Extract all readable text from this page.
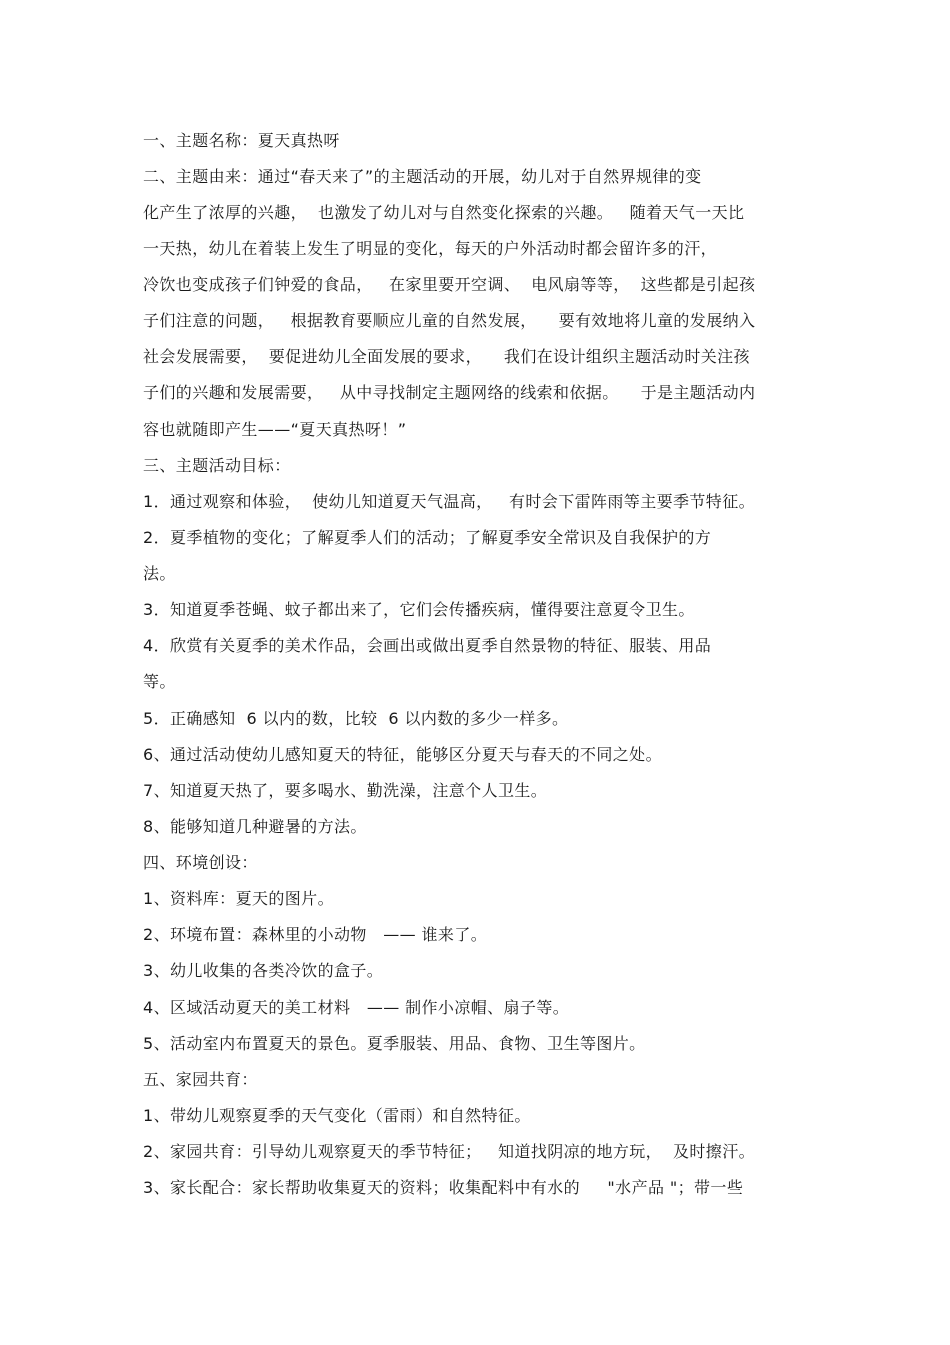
一、主题名称：夏天真热呀
二、主题由来：通过“春天来了”的主题活动的开展，幼儿对于自然界规律的变
化产生了浓厚的兴趣，  也激发了幼儿对与自然变化探索的兴趣。   随着天气一天比
一天热，幼儿在着装上发生了明显的变化，每天的户外活动时都会留许多的汗，
冷饮也变成孩子们钟爱的食品，   在家里要开空调、  电风扇等等，  这些都是引起孩
子们注意的问题，   根据教育要顺应儿童的自然发展，    要有效地将儿童的发展纳入
社会发展需要，  要促进幼儿全面发展的要求，    我们在设计组织主题活动时关注孩
子们的兴趣和发展需要，   从中寻找制定主题网络的线索和依据。    于是主题活动内
容也就随即产生——“夏天真热呀！”
三、主题活动目标：
1．通过观察和体验，  使幼儿知道夏天气温高，   有时会下雷阵雨等主要季节特征。
2．夏季植物的变化；了解夏季人们的活动；了解夏季安全常识及自我保护的方
法。
3．知道夏季苍蝇、蚊子都出来了，它们会传播疾病，懂得要注意夏令卫生。
4．欣赏有关夏季的美术作品，会画出或做出夏季自然景物的特征、服装、用品
等。
5．正确感知  6 以内的数，比较  6 以内数的多少一样多。
6、通过活动使幼儿感知夏天的特征，能够区分夏天与春天的不同之处。
7、知道夏天热了，要多喝水、勤洗澡，注意个人卫生。
8、能够知道几种避暑的方法。
四、环境创设：
1、资料库：夏天的图片。
2、环境布置：森林里的小动物   —— 谁来了。
3、幼儿收集的各类冷饮的盒子。
4、区域活动夏天的美工材料   —— 制作小凉帽、扇子等。
5、活动室内布置夏天的景色。夏季服装、用品、食物、卫生等图片。
五、家园共育：
1、带幼儿观察夏季的天气变化（雷雨）和自然特征。
2、家园共育：引导幼儿观察夏天的季节特征；   知道找阴凉的地方玩，  及时擦汗。
3、家长配合：家长帮助收集夏天的资料；收集配料中有水的     "水产品 "；带一些
